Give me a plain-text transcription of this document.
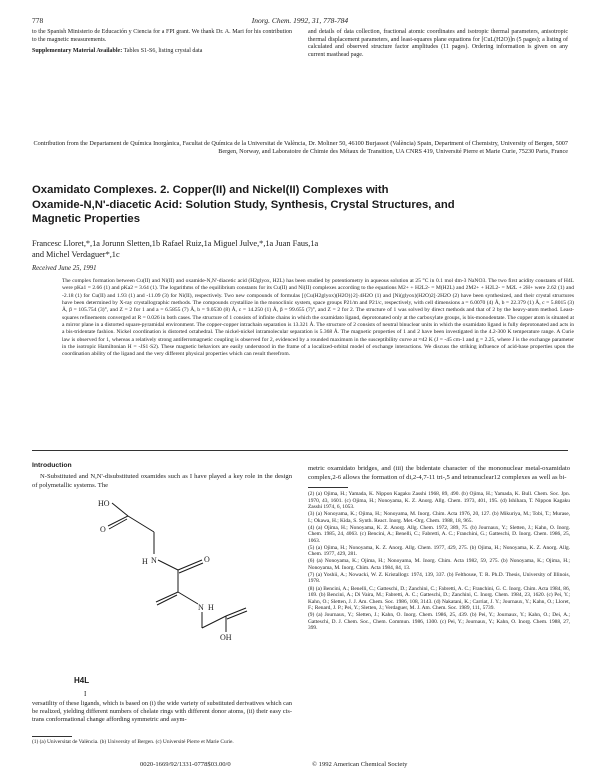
778	Inorg. Chem. 1992, 31, 778-784

to the Spanish Ministerio de Educación y Ciencia for a FPI grant. We thank Dr. A. Mari for his contribution to the magnetic measurements.

Supplementary Material Available: Tables S1-S6, listing crystal data

and details of data collection, fractional atomic coordinates and isotropic thermal parameters, anisotropic thermal displacement parameters, and least-squares plane equations for [CuL(H2O)]n (5 pages); a listing of calculated and observed structure factor amplitudes (11 pages). Ordering information is given on any current masthead page.
Contribution from the Departament de Química Inorgànica, Facultat de Química de la Universitat de València, Dr. Moliner 50, 46100 Burjassot (València) Spain, Department of Chemistry, University of Bergen, 5007 Bergen, Norway, and Laboratoire de Chimie des Métaux de Transition, UA CNRS 419, Université Pierre et Marie Curie, 75230 Paris, France
Oxamidato Complexes. 2. Copper(II) and Nickel(II) Complexes with
Oxamide-N,N'-diacetic Acid: Solution Study, Synthesis, Crystal Structures, and
Magnetic Properties
Francesc Lloret,*,1a Jorunn Sletten,1b Rafael Ruiz,1a Miguel Julve,*,1a Juan Faus,1a
and Michel Verdaguer*,1c
Received June 25, 1991
The complex formation between Cu(II) and Ni(II) and oxamide-N,N'-diacetic acid (H2glyox, H2L) has been studied by potentiometry in aqueous solution at 25 °C in 0.1 mol dm-3 NaNO3. The two first acidity constants of H4L were pKa1 = 2.66 (1) and pKa2 = 3.64 (1). The logarithms of the equilibrium constants for its Cu(II) and Ni(II) complexes according to the equations M2+ + H2L2- = M(H2L) and 2M2+ + H2L2- = M2L + 2H+ were 2.62 (1) and -2.18 (1) for Cu(II) and 1.93 (1) and -11.09 (3) for Ni(II), respectively. Two new compounds of formulas [{Cu(H2glyox)(H2O)}2]·4H2O (1) and [Ni(glyox)(H2O)2]·2H2O (2) have been synthesized, and their crystal structures have been determined by X-ray crystallographic methods. The compounds crystallize in the monoclinic system, space groups P21/m and P21/c, respectively, with cell dimensions a = 6.0070 (4) Å, b = 22.379 (1) Å, c = 5.8015 (3) Å, β = 105.754 (3)°, and Z = 2 for 1 and a = 6.5855 (7) Å, b = 9.0530 (8) Å, c = 14.250 (1) Å, β = 99.655 (7)°, and Z = 2 for 2. The structure of 1 was solved by direct methods and that of 2 by the heavy-atom method. Least-squares refinements converged at R = 0.026 in both cases. The structure of 1 consists of infinite chains in which the oxamidato ligand, deprotonated only at the carboxylate groups, is bis-monodentate. The copper atom is situated at a mirror plane in a distorted square-pyramidal environment. The copper-copper intrachain separation is 13.321 Å. The structure of 2 consists of neutral binuclear units in which the oxamidato ligand is fully deprotonated and acts in a bis-tridentate fashion. Nickel coordination is distorted octahedral. The nickel-nickel intramolecular separation is 5.368 Å. The magnetic properties of 1 and 2 have been investigated in the 4.2-300 K temperature range. A Curie law is observed for 1, whereas a relatively strong antiferromagnetic coupling is observed for 2, evidenced by a rounded maximum in the susceptibility curve at ≈42 K (J = -45 cm-1 and g = 2.25, where J is the exchange parameter in the isotropic Hamiltonian H = -JS1·S2). These magnetic behaviors are easily understood in the frame of a localized-orbital model of exchange interactions. We discuss the striking influence of acid-base properties upon the coordination ability of the ligand and the very different physical properties which can result therefrom.
Introduction
N-Substituted and N,N'-disubstituted oxamides such as I have played a key role in the design of polymetallic systems. The
HO
O
H N	O
H
N
OH
H4L
I
versatility of these ligands, which is based on (i) the wide variety of substituted derivatives which can be realized, yielding different numbers of chelate rings with different donor atoms, (ii) their easy cis-trans conformational change affording symmetric and asym-
metric oxamidato bridges, and (iii) the bidentate character of the mononuclear metal-oxamidato complex,2-6 allows the formation of di,2-4,7-11 tri-,5 and tetranuclear12 complexes as well as bi-

(2) (a) Ojima, H.; Yamada, K. Nippon Kagaku Zasshi 1968, 89, 490. (b) Ojima, H.; Yamada, K. Bull. Chem. Soc. Jpn. 1970, 43, 1601. (c) Ojima, H.; Nonoyama, K. Z. Anorg. Allg. Chem. 1973, 401, 195. (d) Ishihara, T. Nippon Kagaku Zasshi 1974, 6, 1053.

(3) (a) Nonoyama, K.; Ojima, H.; Nonoyama, M. Inorg. Chim. Acta 1976, 20, 127. (b) Mikuriya, M.; Tobi, T.; Murase, I.; Okawa, H.; Kida, S. Synth. React. Inorg. Met.-Org. Chem. 1988, 18, 965.

(4) (a) Ojima, H.; Nonoyama, K. Z. Anorg. Allg. Chem. 1972, 389, 75. (b) Journaux, Y.; Sletten, J.; Kahn, O. Inorg. Chem. 1985, 24, 4063. (c) Bencini, A.; Benelli, C.; Fabretti, A. C.; Franchini, G.; Gatteschi, D. Inorg. Chem. 1986, 25, 1063.

(5) (a) Ojima, H.; Nonoyama, K. Z. Anorg. Allg. Chem. 1977, 429, 275. (b) Ojima, H.; Nonoyama, K. Z. Anorg. Allg. Chem. 1977, 429, 281.

(6) (a) Nonoyama, K.; Ojima, H.; Nonoyama, M. Inorg. Chim. Acta 1982, 59, 275. (b) Nonoyama, K.; Ojima, H.; Nonoyama, M. Inorg. Chim. Acta 1984, 84, 13.

(7) (a) Yoshii, A.; Nowacki, W. Z. Kristallogr. 1974, 139, 337. (b) Felthouse, T. R. Ph.D. Thesis, University of Illinois, 1978.

(8) (a) Bencini, A.; Benelli, C.; Gatteschi, D.; Zanchini, C.; Fabretti, A. C.; Franchini, G. C. Inorg. Chim. Acta 1984, 86, 169. (b) Bencini, A.; Di Vaira, M.; Fabretti, A. C.; Gatteschi, D.; Zanchini, C. Inorg. Chem. 1984, 23, 1620. (c) Pei, Y.; Kahn, O.; Sletten, J. J. Am. Chem. Soc. 1986, 108, 3143. (d) Nakatani, K.; Carriat, J. Y.; Journaux, Y.; Kahn, O.; Lloret, F.; Renard, J. P.; Pei, Y.; Sletten, J.; Verdaguer, M. J. Am. Chem. Soc. 1989, 111, 5739.

(9) (a) Journaux, Y.; Sletten, J.; Kahn, O. Inorg. Chem. 1986, 25, 439. (b) Pei, Y.; Journaux, Y.; Kahn, O.; Dei, A.; Gatteschi, D. J. Chem. Soc., Chem. Commun. 1986, 1300. (c) Pei, Y.; Journaux, Y.; Kahn, O. Inorg. Chem. 1988, 27, 399.

(1) (a) Universitat de València. (b) University of Bergen. (c) Université Pierre et Marie Curie.
0020-1669/92/1331-0778$03.00/0	© 1992 American Chemical Society
